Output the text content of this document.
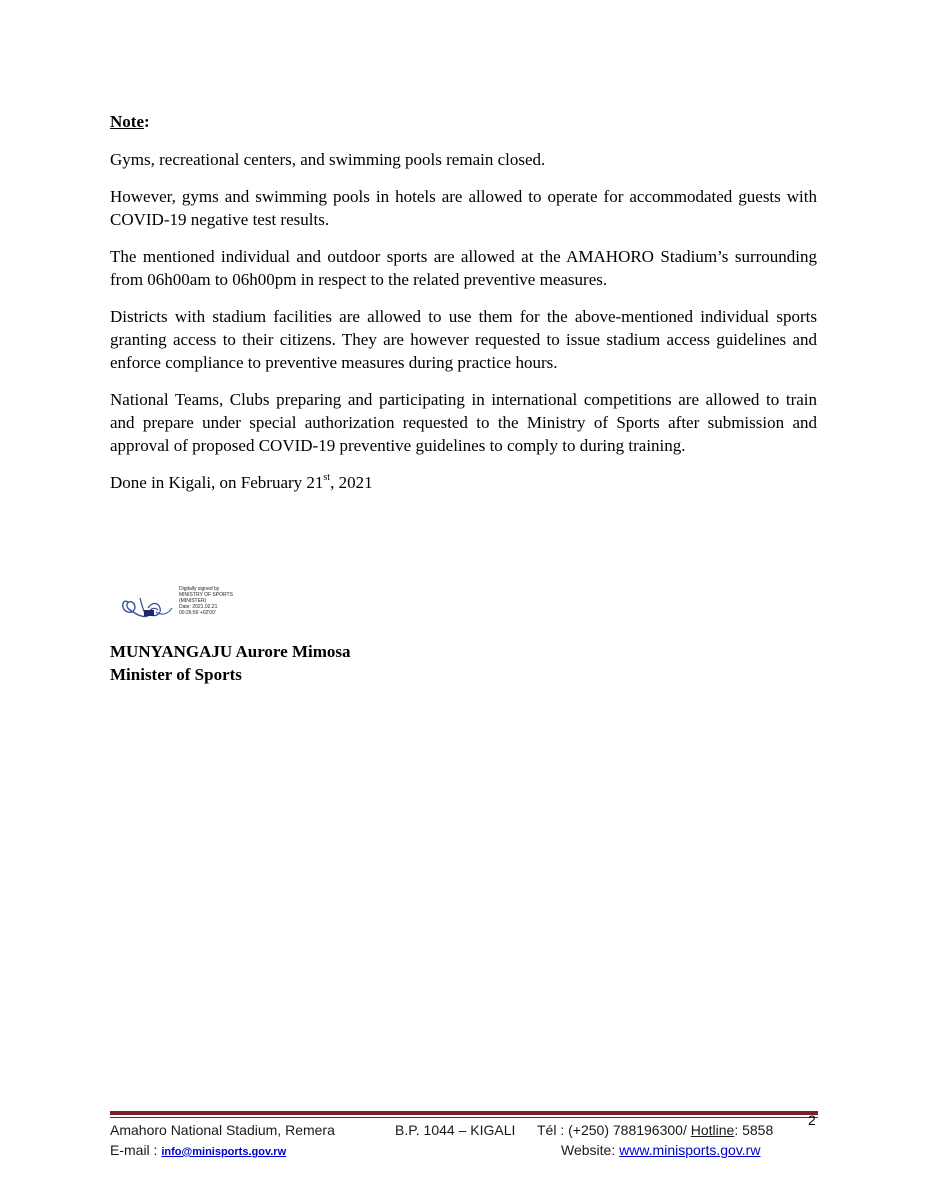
Note:

Gyms, recreational centers, and swimming pools remain closed.

However, gyms and swimming pools in hotels are allowed to operate for accommodated guests with COVID-19 negative test results.

The mentioned individual and outdoor sports are allowed at the AMAHORO Stadium’s surrounding from 06h00am to 06h00pm in respect to the related preventive measures.

Districts with stadium facilities are allowed to use them for the above-mentioned individual sports granting access to their citizens. They are however requested to issue stadium access guidelines and enforce compliance to preventive measures during practice hours.

National Teams, Clubs preparing and participating in international competitions are allowed to train and prepare under special authorization requested to the Ministry of Sports after submission and approval of proposed COVID-19 preventive guidelines to comply to during training.

Done in Kigali, on February 21st, 2021

Digitally signed by
MINISTRY OF SPORTS
(MINISTER)
Date: 2021.02.21
00:26:56 +02'00'
MUNYANGAJU Aurore Mimosa
Minister of Sports
2
Amahoro National Stadium, Remera	B.P. 1044 – KIGALI Tél : (+250) 788196300/ Hotline: 5858
E-mail : info@minisports.gov.rw	Website: www.minisports.gov.rw
